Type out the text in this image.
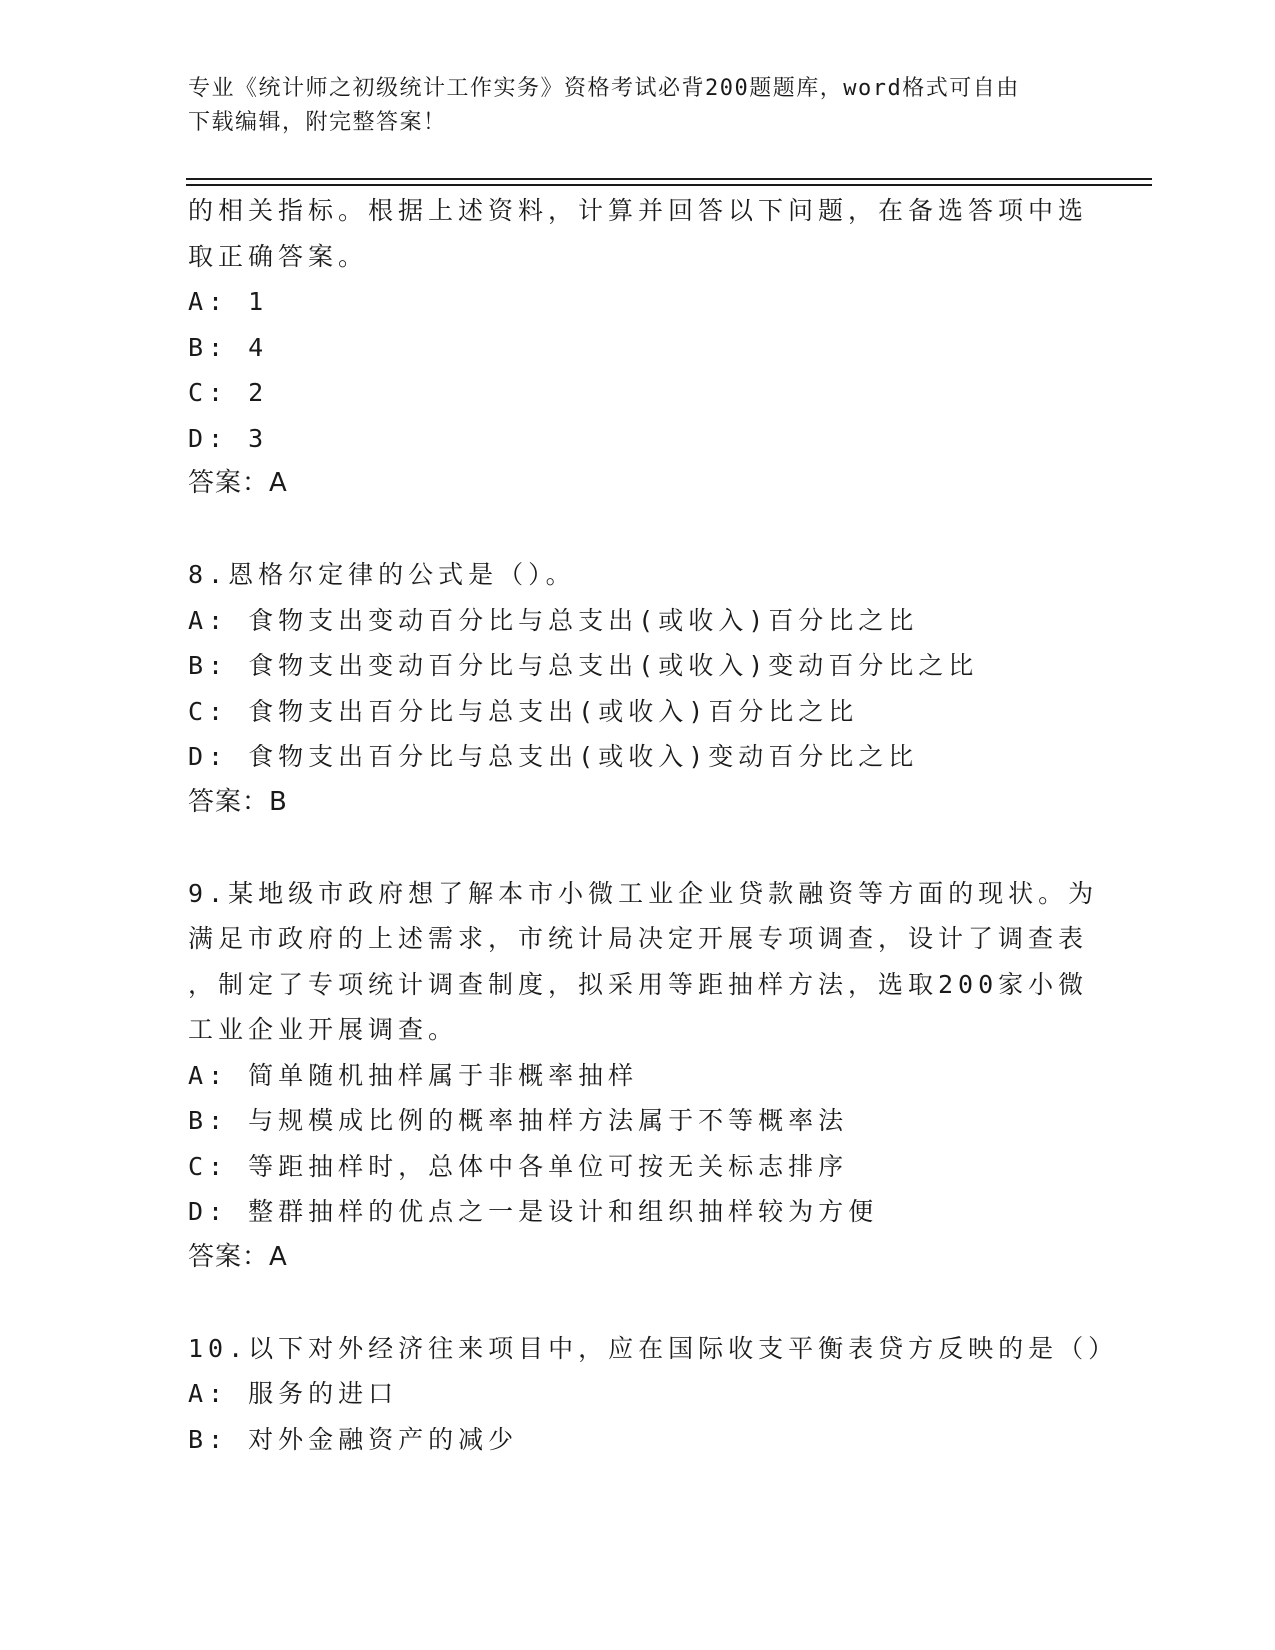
专业《统计师之初级统计工作实务》资格考试必背200题题库，word格式可自由
下载编辑，附完整答案！
的相关指标。根据上述资料，计算并回答以下问题，在备选答项中选
取正确答案。
A: 1
B: 4
C: 2
D: 3
答案：A
8.恩格尔定律的公式是（）。
A: 食物支出变动百分比与总支出(或收入)百分比之比
B: 食物支出变动百分比与总支出(或收入)变动百分比之比
C: 食物支出百分比与总支出(或收入)百分比之比
D: 食物支出百分比与总支出(或收入)变动百分比之比
答案：B
9.某地级市政府想了解本市小微工业企业贷款融资等方面的现状。为
满足市政府的上述需求，市统计局决定开展专项调查，设计了调查表
，制定了专项统计调查制度，拟采用等距抽样方法，选取200家小微
工业企业开展调查。
A: 简单随机抽样属于非概率抽样
B: 与规模成比例的概率抽样方法属于不等概率法
C: 等距抽样时，总体中各单位可按无关标志排序
D: 整群抽样的优点之一是设计和组织抽样较为方便
答案：A
10.以下对外经济往来项目中，应在国际收支平衡表贷方反映的是（）
A: 服务的进口
B: 对外金融资产的减少
